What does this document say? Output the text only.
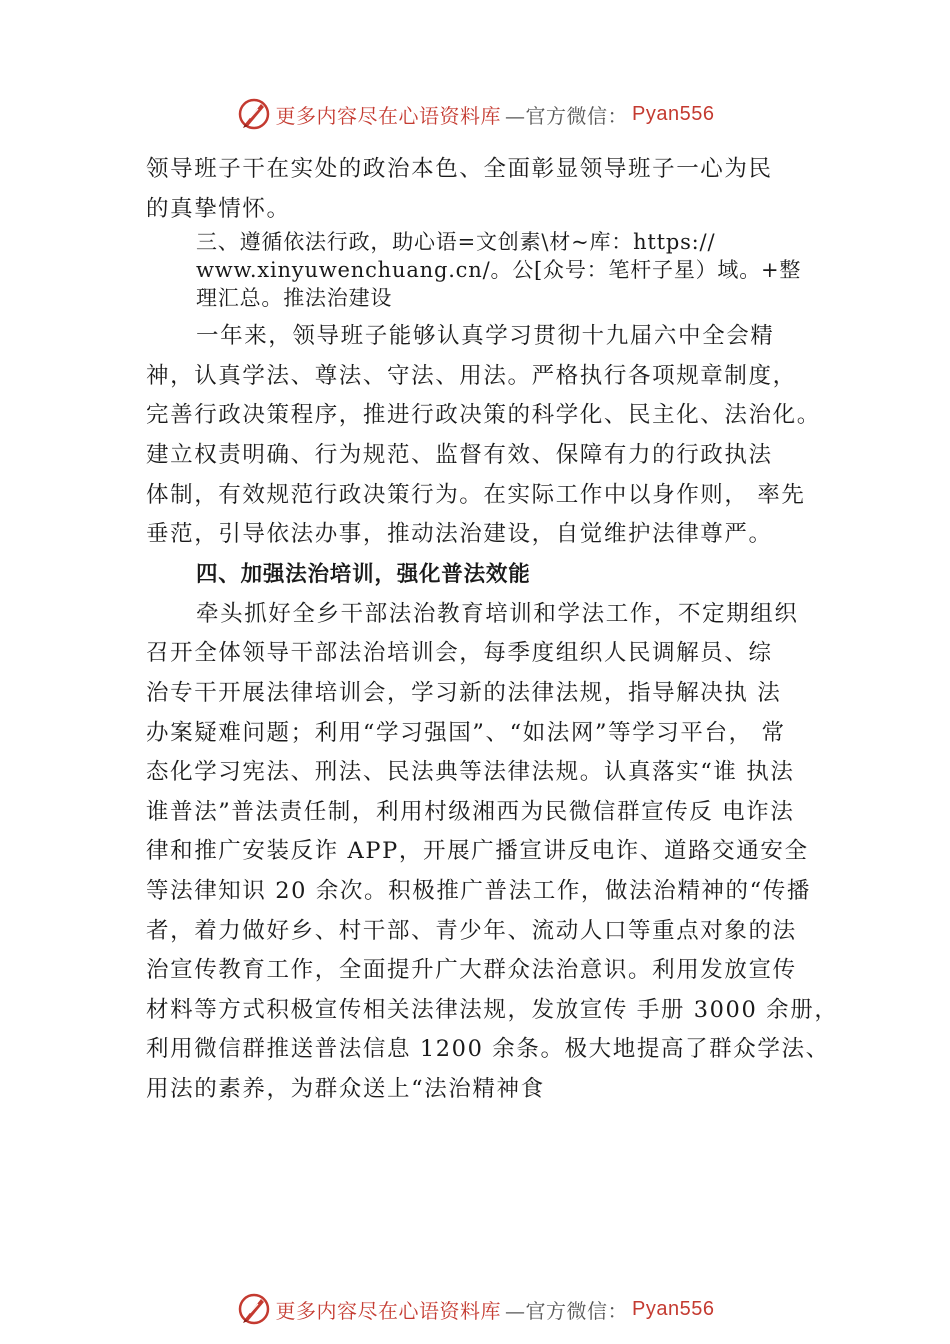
更多内容尽在心语资料库 —官方微信： Pyan556
领导班子干在实处的政治本色、全面彰显领导班子一心为民
的真挚情怀。
三、遵循依法行政，助心语=文创素\材~库：https://
www.xinyuwenchuang.cn/。公[众号：笔杆子星）域。+整
理汇总。推法治建设
一年来，领导班子能够认真学习贯彻十九届六中全会精
神，认真学法、尊法、守法、用法。严格执行各项规章制度，
完善行政决策程序，推进行政决策的科学化、民主化、法治化。
建立权责明确、行为规范、监督有效、保障有力的行政执法
体制，有效规范行政决策行为。在实际工作中以身作则， 率先
垂范，引导依法办事，推动法治建设，自觉维护法律尊严。
四、加强法治培训，强化普法效能
牵头抓好全乡干部法治教育培训和学法工作，不定期组织
召开全体领导干部法治培训会，每季度组织人民调解员、综
治专干开展法律培训会，学习新的法律法规，指导解决执 法
办案疑难问题；利用“学习强国”、“如法网”等学习平台， 常
态化学习宪法、刑法、民法典等法律法规。认真落实“谁 执法
谁普法”普法责任制，利用村级湘西为民微信群宣传反 电诈法
律和推广安装反诈 APP，开展广播宣讲反电诈、道路交通安全
等法律知识 20 余次。积极推广普法工作，做法治精神的“传播
者，着力做好乡、村干部、青少年、流动人口等重点对象的法
治宣传教育工作，全面提升广大群众法治意识。利用发放宣传
材料等方式积极宣传相关法律法规，发放宣传 手册 3000 余册，
利用微信群推送普法信息 1200 余条。极大地提高了群众学法、
用法的素养，为群众送上“法治精神食
更多内容尽在心语资料库 —官方微信： Pyan556
